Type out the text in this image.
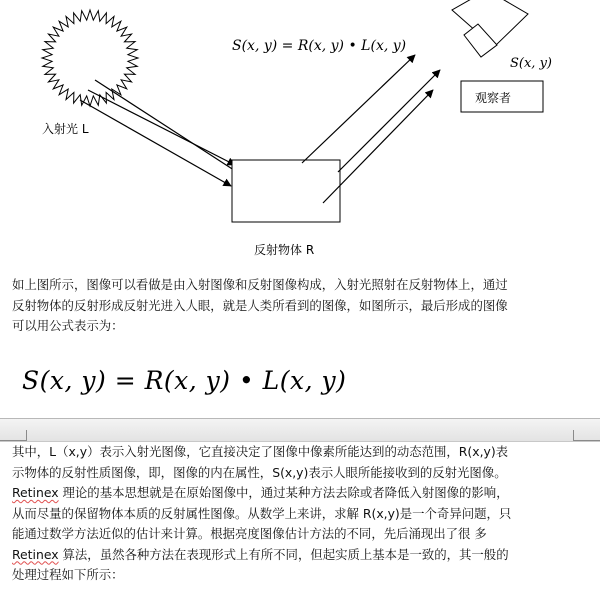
入射光 L
反射物体 R
S(x, y) = R(x, y) • L(x, y)
观察者
S(x, y)
如上图所示，图像可以看做是由入射图像和反射图像构成，入射光照射在反射物体上，通过
反射物体的反射形成反射光进入人眼，就是人类所看到的图像，如图所示，最后形成的图像
可以用公式表示为：
S(x, y) = R(x, y) • L(x, y)
其中，L（x,y）表示入射光图像，它直接决定了图像中像素所能达到的动态范围，R(x,y)表
示物体的反射性质图像，即，图像的内在属性，S(x,y)表示人眼所能接收到的反射光图像。
Retinex 理论的基本思想就是在原始图像中，通过某种方法去除或者降低入射图像的影响，
从而尽量的保留物体本质的反射属性图像。从数学上来讲，求解 R(x,y)是一个奇异问题，只
能通过数学方法近似的估计来计算。根据亮度图像估计方法的不同，先后涌现出了很 多
Retinex 算法，虽然各种方法在表现形式上有所不同，但起实质上基本是一致的，其一般的
处理过程如下所示：
